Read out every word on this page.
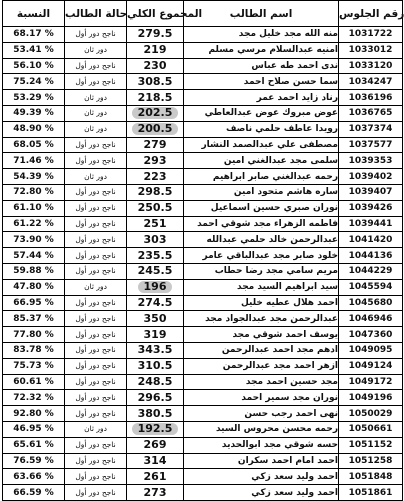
النسبة	حالة الطالب	المجموع الكلي	اسم الطالب	رقم الجلوس
68.17 %	ناجح دور أول	279.5	منه الله مجد خليل مجد	1031722
53.41 %	دور ثان	219	امنيه عبدالسلام مرسي مسلم	1033012
56.10 %	ناجح دور أول	230	ندى احمد طه عباس	1033120
75.24 %	ناجح دور أول	308.5	سما حسن صلاح احمد	1034247
53.29 %	دور ثان	218.5	رناد زايد احمد عمر	1036196
49.39 %	دور ثان	202.5	عوض مبروك عوض عبدالعاطي	1036765
48.90 %	دور ثان	200.5	رويدا عاطف حلمي ناصف	1037374
68.05 %	ناجح دور أول	279	مصطفى علي عبدالصمد النشار	1037577
71.46 %	ناجح دور أول	293	سلمى مجد عبدالغني امين	1039353
54.39 %	دور ثان	223	رحمه عبدالغني صابر ابراهيم	1039402
72.80 %	ناجح دور أول	298.5	ساره هاشم متحود امين	1039407
61.10 %	ناجح دور أول	250.5	نوران صبري حسين اسماعيل	1039426
61.22 %	ناجح دور أول	251	فاطمه الزهراء مجد شوقي احمد	1039441
73.90 %	ناجح دور أول	303	عبدالرحمن خالد حلمي عبدالله	1041420
57.44 %	ناجح دور أول	235.5	خلود صابر مجد عبدالباقي عامر	1044136
59.88 %	ناجح دور أول	245.5	مريم سامي مجد رضا حطاب	1044229
47.80 %	دور ثان	196	سيد ابراهيم السيد مجد	1045594
66.95 %	ناجح دور أول	274.5	احمد هلال عطيه خليل	1045680
85.37 %	ناجح دور أول	350	عبدالرحمن مجد عبدالجواد مجد	1046946
77.80 %	ناجح دور أول	319	يوسف احمد شوقي مجد	1047360
83.78 %	ناجح دور أول	343.5	ادهم مجد احمد عبدالرحمن	1049095
75.73 %	ناجح دور أول	310.5	ازهر احمد مجد عبدالرحمن	1049124
60.61 %	ناجح دور أول	248.5	مجد حسين احمد مجد	1049172
72.32 %	ناجح دور أول	296.5	نوران مجد سمير احمد	1049196
92.80 %	ناجح دور أول	380.5	نهى احمد رجب حسن	1050029
46.95 %	دور ثان	192.5	رحمه محسن محروس السيد	1050661
65.61 %	ناجح دور أول	269	حسه شوقي مجد ابوالحديد	1051152
76.59 %	ناجح دور أول	314	احمد امام احمد سكران	1051258
63.66 %	ناجح دور أول	261	احمد وليد سعد زكي	1051848
66.59 %	ناجح دور أول	273	احمد وليد سعد زكي	1051861
